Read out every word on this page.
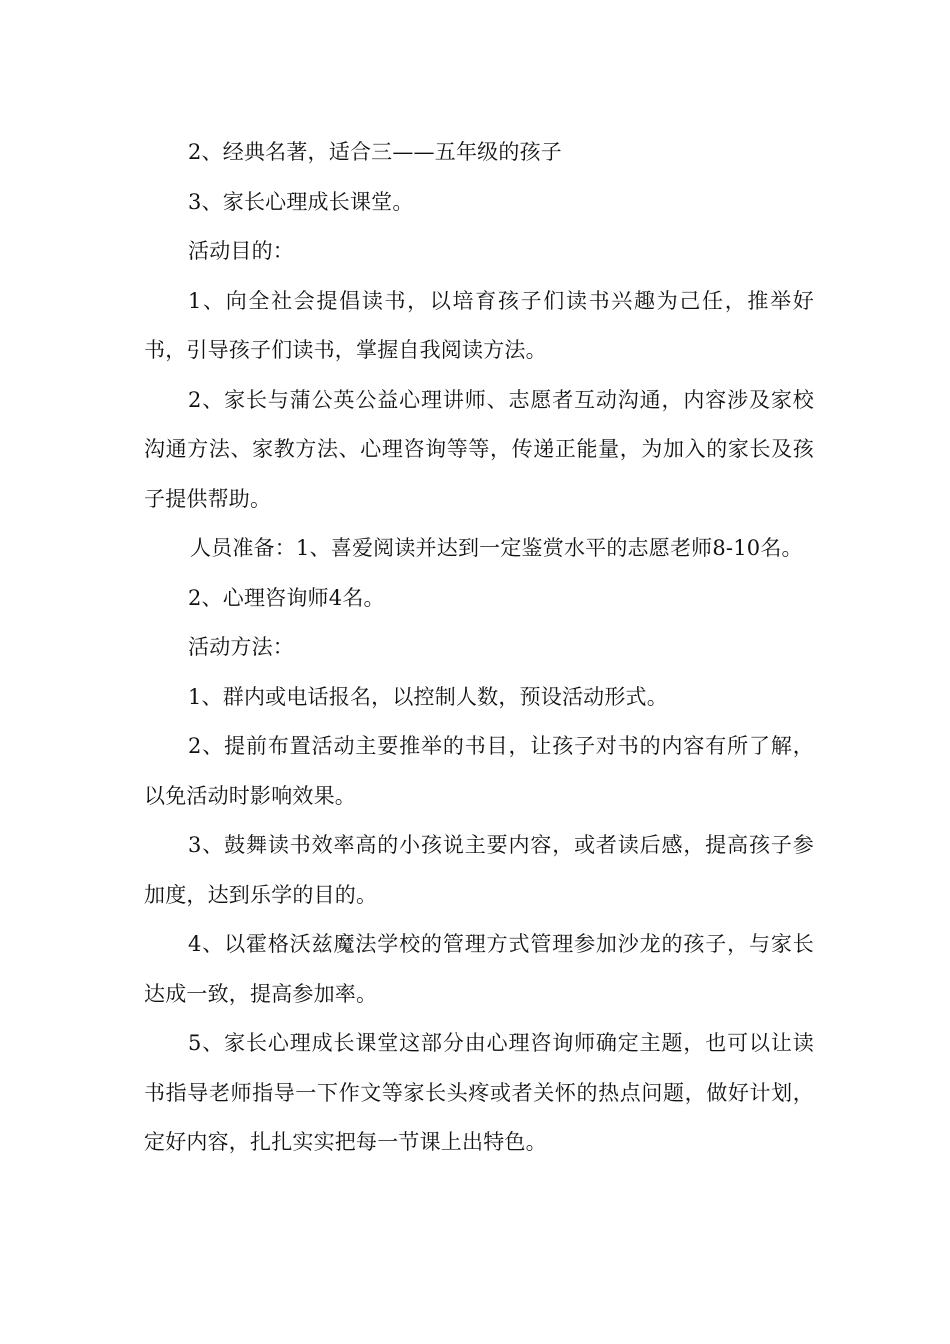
2、经典名著，适合三——五年级的孩子

3、家长心理成长课堂。

活动目的：

1、向全社会提倡读书，以培育孩子们读书兴趣为己任，推举好书，引导孩子们读书，掌握自我阅读方法。

2、家长与蒲公英公益心理讲师、志愿者互动沟通，内容涉及家校沟通方法、家教方法、心理咨询等等，传递正能量，为加入的家长及孩子提供帮助。

人员准备：1、喜爱阅读并达到一定鉴赏水平的志愿老师8-10名。

2、心理咨询师4名。

活动方法：

1、群内或电话报名，以控制人数，预设活动形式。

2、提前布置活动主要推举的书目，让孩子对书的内容有所了解，以免活动时影响效果。

3、鼓舞读书效率高的小孩说主要内容，或者读后感，提高孩子参加度，达到乐学的目的。

4、以霍格沃兹魔法学校的管理方式管理参加沙龙的孩子，与家长达成一致，提高参加率。

5、家长心理成长课堂这部分由心理咨询师确定主题，也可以让读书指导老师指导一下作文等家长头疼或者关怀的热点问题，做好计划，定好内容，扎扎实实把每一节课上出特色。
